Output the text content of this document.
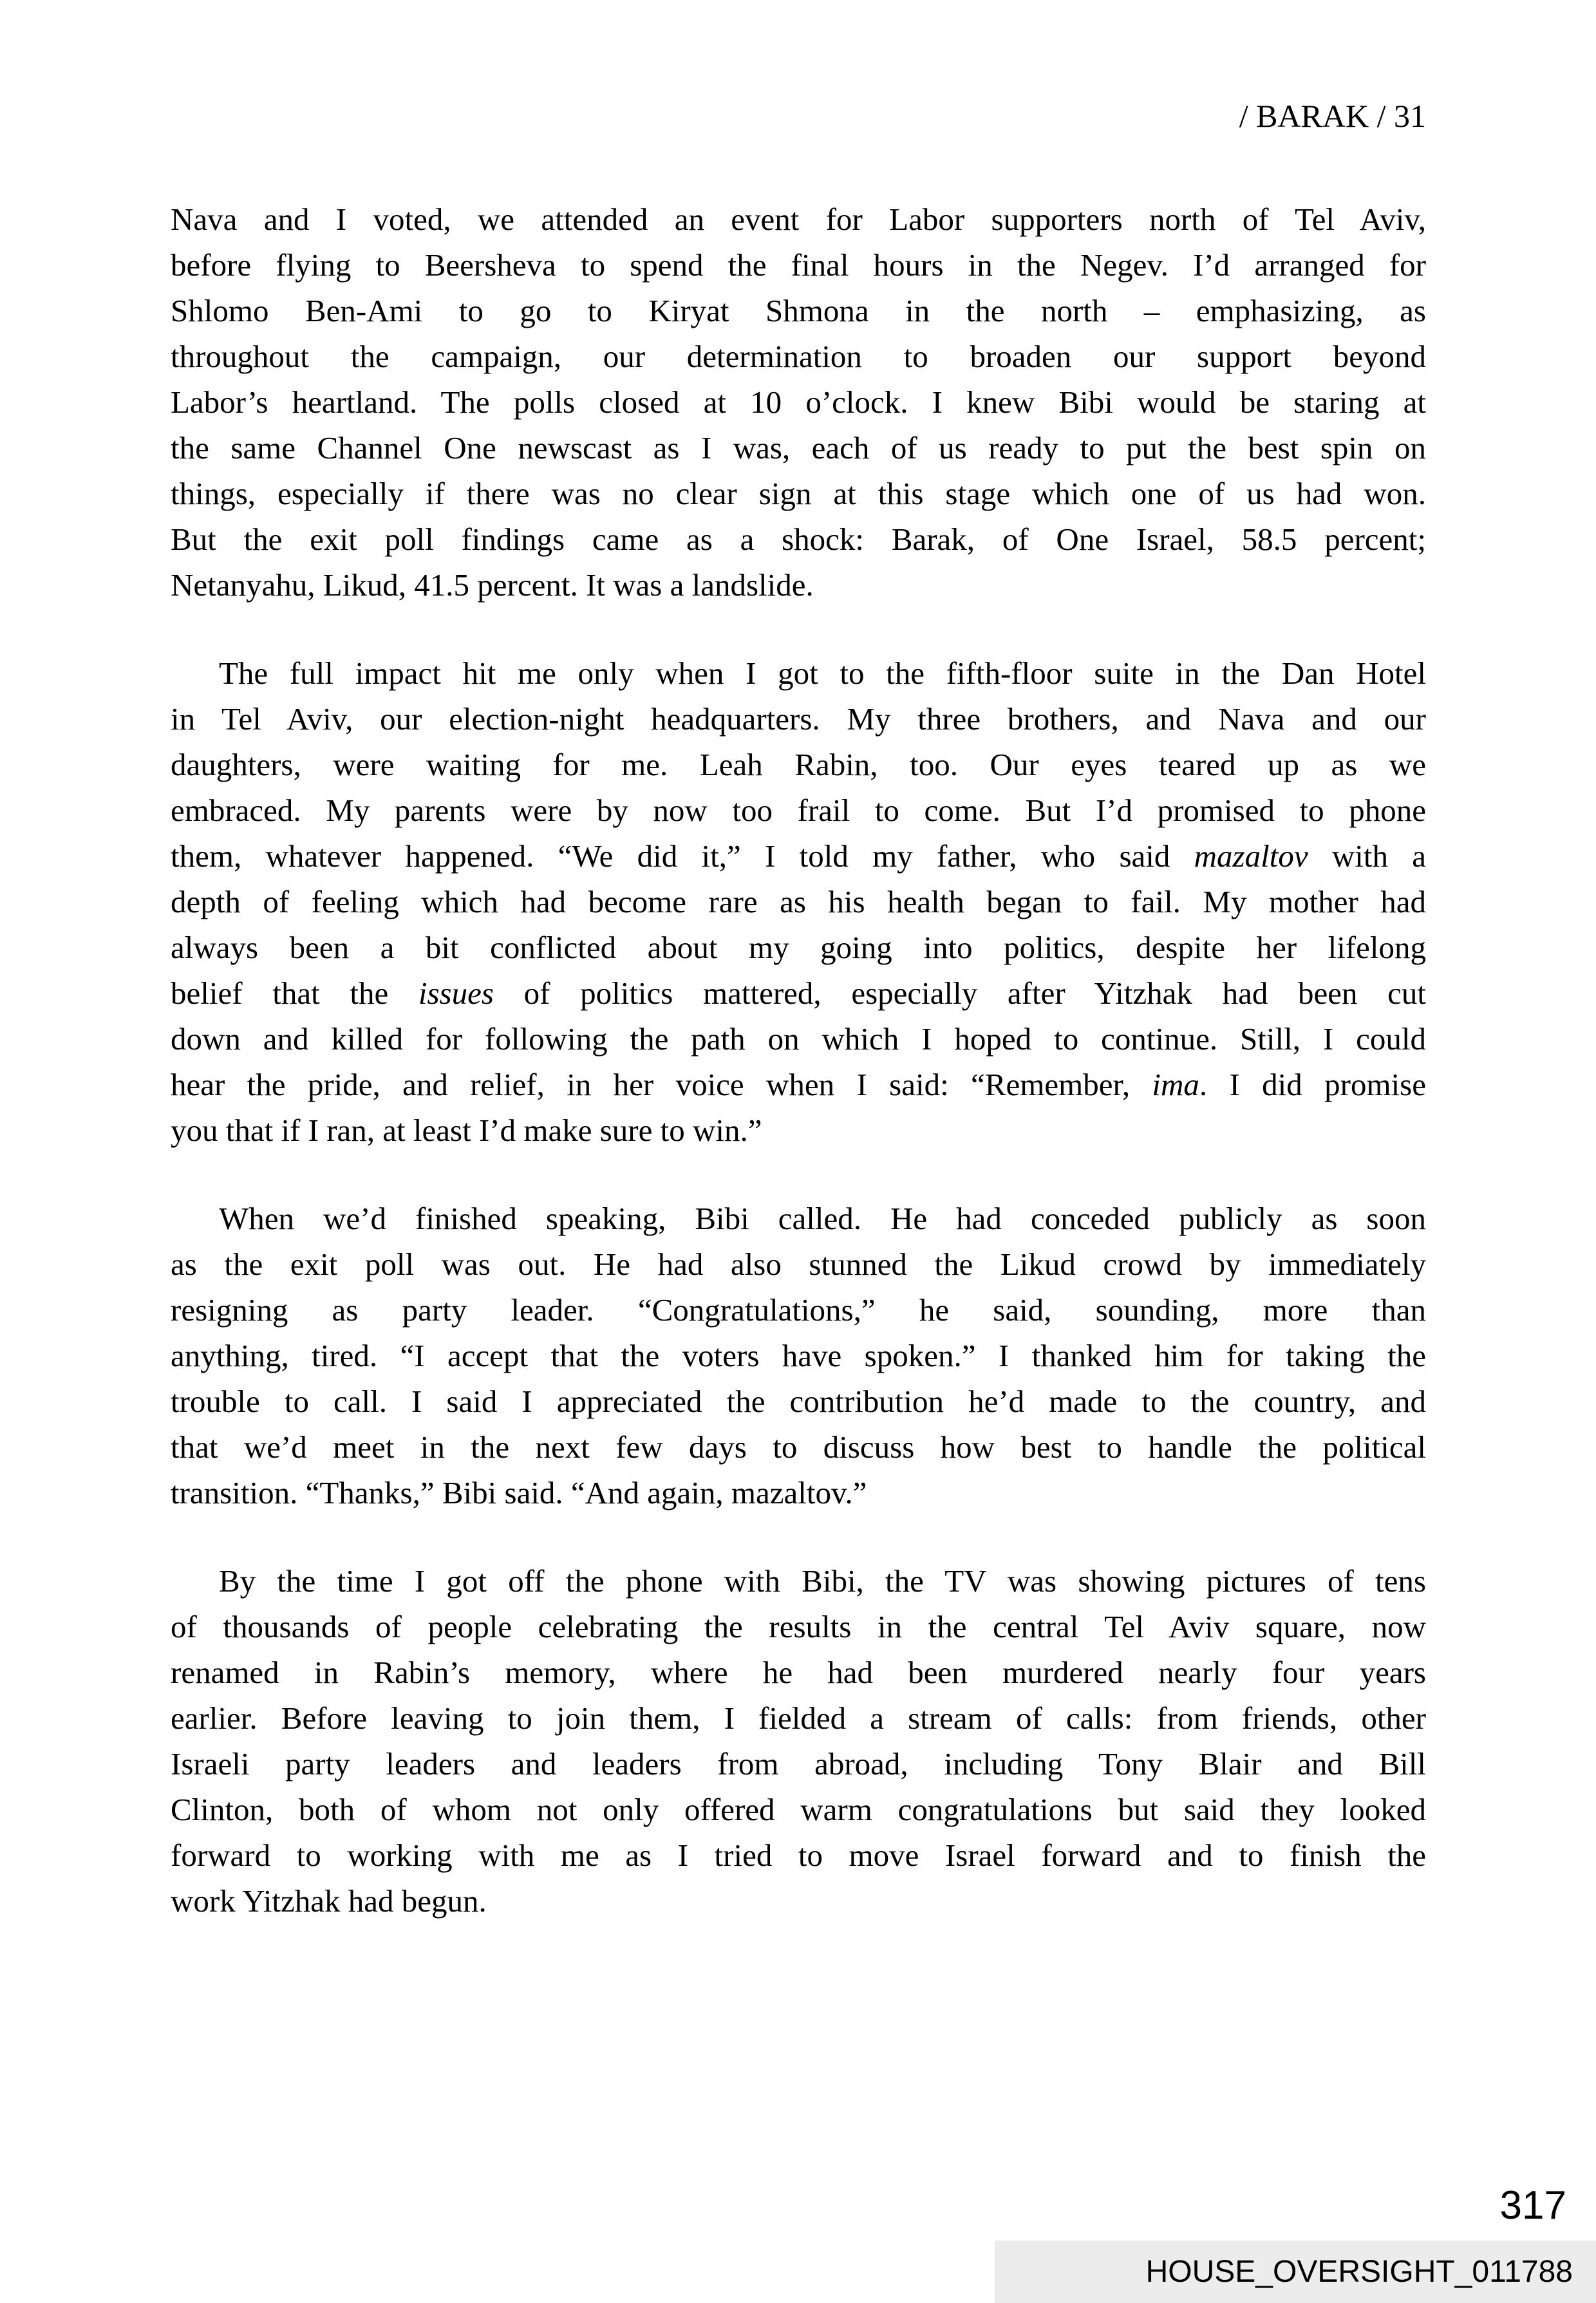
/ BARAK / 31
Nava and I voted, we attended an event for Labor supporters north of Tel Aviv,
before flying to Beersheva to spend the final hours in the Negev. I’d arranged for
Shlomo Ben-Ami to go to Kiryat Shmona in the north – emphasizing, as
throughout the campaign, our determination to broaden our support beyond
Labor’s heartland. The polls closed at 10 o’clock. I knew Bibi would be staring at
the same Channel One newscast as I was, each of us ready to put the best spin on
things, especially if there was no clear sign at this stage which one of us had won.
But the exit poll findings came as a shock: Barak, of One Israel, 58.5 percent;
Netanyahu, Likud, 41.5 percent. It was a landslide.
The full impact hit me only when I got to the fifth-floor suite in the Dan Hotel
in Tel Aviv, our election-night headquarters. My three brothers, and Nava and our
daughters, were waiting for me. Leah Rabin, too. Our eyes teared up as we
embraced. My parents were by now too frail to come. But I’d promised to phone
them, whatever happened. “We did it,” I told my father, who said mazaltov with a
depth of feeling which had become rare as his health began to fail. My mother had
always been a bit conflicted about my going into politics, despite her lifelong
belief that the issues of politics mattered, especially after Yitzhak had been cut
down and killed for following the path on which I hoped to continue. Still, I could
hear the pride, and relief, in her voice when I said: “Remember, ima. I did promise
you that if I ran, at least I’d make sure to win.”
When we’d finished speaking, Bibi called. He had conceded publicly as soon
as the exit poll was out. He had also stunned the Likud crowd by immediately
resigning as party leader. “Congratulations,” he said, sounding, more than
anything, tired. “I accept that the voters have spoken.” I thanked him for taking the
trouble to call. I said I appreciated the contribution he’d made to the country, and
that we’d meet in the next few days to discuss how best to handle the political
transition. “Thanks,” Bibi said. “And again, mazaltov.”
By the time I got off the phone with Bibi, the TV was showing pictures of tens
of thousands of people celebrating the results in the central Tel Aviv square, now
renamed in Rabin’s memory, where he had been murdered nearly four years
earlier. Before leaving to join them, I fielded a stream of calls: from friends, other
Israeli party leaders and leaders from abroad, including Tony Blair and Bill
Clinton, both of whom not only offered warm congratulations but said they looked
forward to working with me as I tried to move Israel forward and to finish the
work Yitzhak had begun.
317
HOUSE_OVERSIGHT_011788
